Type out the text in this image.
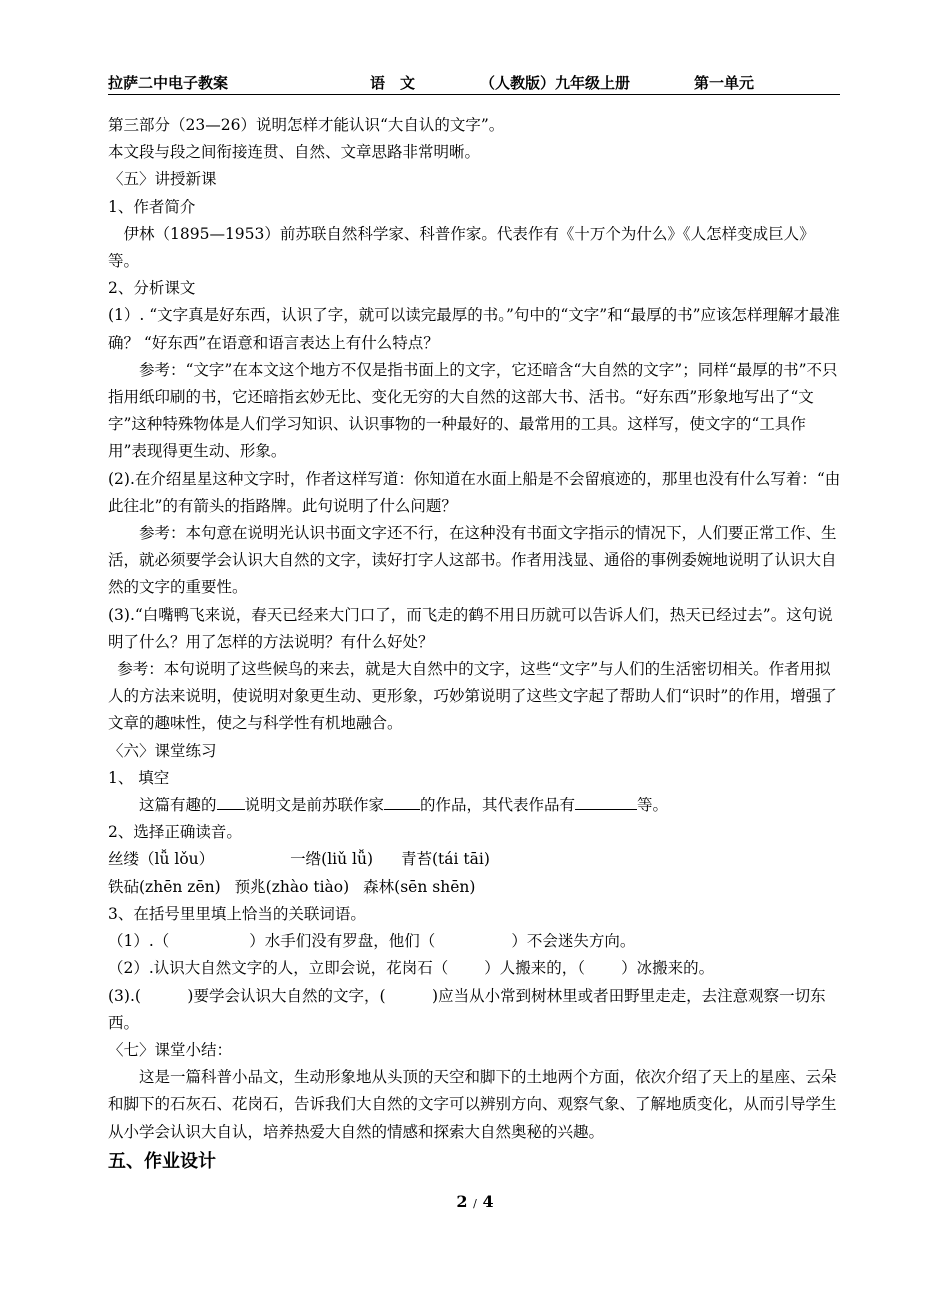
拉萨二中电子教案	语　文	（人教版）九年级上册	第一单元

第三部分（23—26）说明怎样才能认识“大自认的文字”。

本文段与段之间衔接连贯、自然、文章思路非常明晰。

〈五〉讲授新课

1、作者简介

伊林（1895—1953）前苏联自然科学家、科普作家。代表作有《十万个为什么》《人怎样变成巨人》等。

2、分析课文

(1）. “文字真是好东西，认识了字，就可以读完最厚的书。”句中的“文字”和“最厚的书”应该怎样理解才最准确？ “好东西”在语意和语言表达上有什么特点？

参考：“文字”在本文这个地方不仅是指书面上的文字，它还暗含“大自然的文字”；同样“最厚的书”不只指用纸印刷的书，它还暗指玄妙无比、变化无穷的大自然的这部大书、活书。“好东西”形象地写出了“文字”这种特殊物体是人们学习知识、认识事物的一种最好的、最常用的工具。这样写，使文字的“工具作用”表现得更生动、形象。

(2).在介绍星星这种文字时，作者这样写道：你知道在水面上船是不会留痕迹的，那里也没有什么写着：“由此往北”的有箭头的指路牌。此句说明了什么问题？

参考：本句意在说明光认识书面文字还不行，在这种没有书面文字指示的情况下，人们要正常工作、生活，就必须要学会认识大自然的文字，读好打字人这部书。作者用浅显、通俗的事例委婉地说明了认识大自然的文字的重要性。

(3).“白嘴鸭飞来说，春天已经来大门口了，而飞走的鹤不用日历就可以告诉人们，热天已经过去”。这句说明了什么？用了怎样的方法说明？有什么好处？

参考：本句说明了这些候鸟的来去，就是大自然中的文字，这些“文字”与人们的生活密切相关。作者用拟人的方法来说明，使说明对象更生动、更形象，巧妙第说明了这些文字起了帮助人们“识时”的作用，增强了文章的趣味性，使之与科学性有机地融合。

〈六〉课堂练习

1、 填空

这篇有趣的 说明文是前苏联作家 的作品，其代表作品有	等。

2、选择正确读音。

丝缕（lǚ lǒu）	一绺(liǔ lǚ) 青苔(tái tāi)

铁砧(zhēn zēn) 预兆(zhào tiào) 森林(sēn shēn)

3、在括号里里填上恰当的关联词语。

（1）.（	）水手们没有罗盘，他们（	）不会迷失方向。

（2）.认识大自然文字的人，立即会说，花岗石（ ）人搬来的，（ ）冰搬来的。

(3).(　　　)要学会认识大自然的文字，(　　　)应当从小常到树林里或者田野里走走，去注意观察一切东西。

〈七〉课堂小结：

这是一篇科普小品文，生动形象地从头顶的天空和脚下的土地两个方面，依次介绍了天上的星座、云朵和脚下的石灰石、花岗石，告诉我们大自然的文字可以辨别方向、观察气象、了解地质变化，从而引导学生从小学会认识大自认，培养热爱大自然的情感和探索大自然奥秘的兴趣。

五、作业设计

2 / 4
